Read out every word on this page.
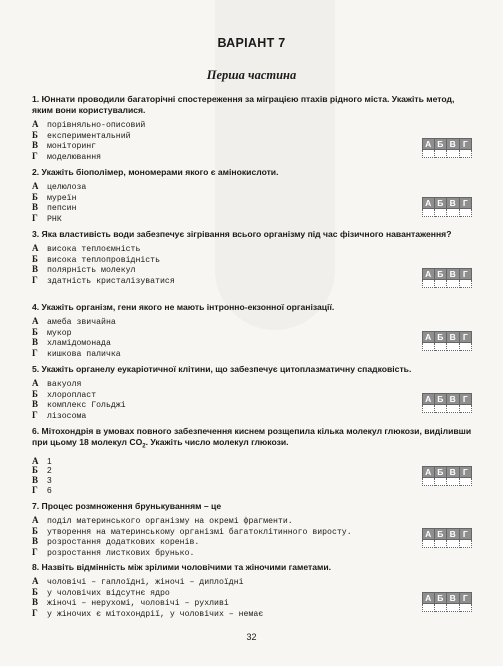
ВАРІАНТ 7
Перша частина

1. Юннати проводили багаторічні спостереження за міграцією птахів рідного міста. Укажіть метод, яким вони користувалися.

А порівняльно-описовий
Б експериментальний
В моніторинг
Г моделювання
А Б В Г

2. Укажіть біополімер, мономерами якого є амінокислоти.

А целюлоза
Б муреїн
В пепсин
Г РНК
А Б В Г

3. Яка властивість води забезпечує зігрівання всього організму під час фізичного навантаження?

А висока теплоємність
Б висока теплопровідність
В полярність молекул
Г здатність кристалізуватися
А Б В Г

4. Укажіть організм, гени якого не мають інтронно-екзонної організації.

А амеба звичайна
Б мукор
В хламідомонада
Г кишкова паличка
А Б В Г

5. Укажіть органелу еукаріотичної клітини, що забезпечує цитоплазматичну спадковість.

А вакуоля
Б хлоропласт
В комплекс Гольджі
Г лізосома
А Б В Г

6. Мітохондрія в умовах повного забезпечення киснем розщепила кілька молекул глюкози, виділивши при цьому 18 молекул $CO_2$. Укажіть число молекул глюкози.

А 1
Б 2
В 3
Г 6
А Б В Г

7. Процес розмноження брунькуванням – це

А поділ материнського організму на окремі фрагменти.
Б утворення на материнському організмі багатоклітинного виросту.
В розростання додаткових коренів.
Г розростання листкових брунько.
А Б В Г

8. Назвіть відмінність між зрілими чоловічими та жіночими гаметами.

А чоловічі – гаплоїдні, жіночі – диплоїдні
Б у чоловічих відсутнє ядро
В жіночі – нерухомі, чоловічі – рухливі
Г у жіночих є мітохондрії, у чоловічих – немає
А Б В Г
32
